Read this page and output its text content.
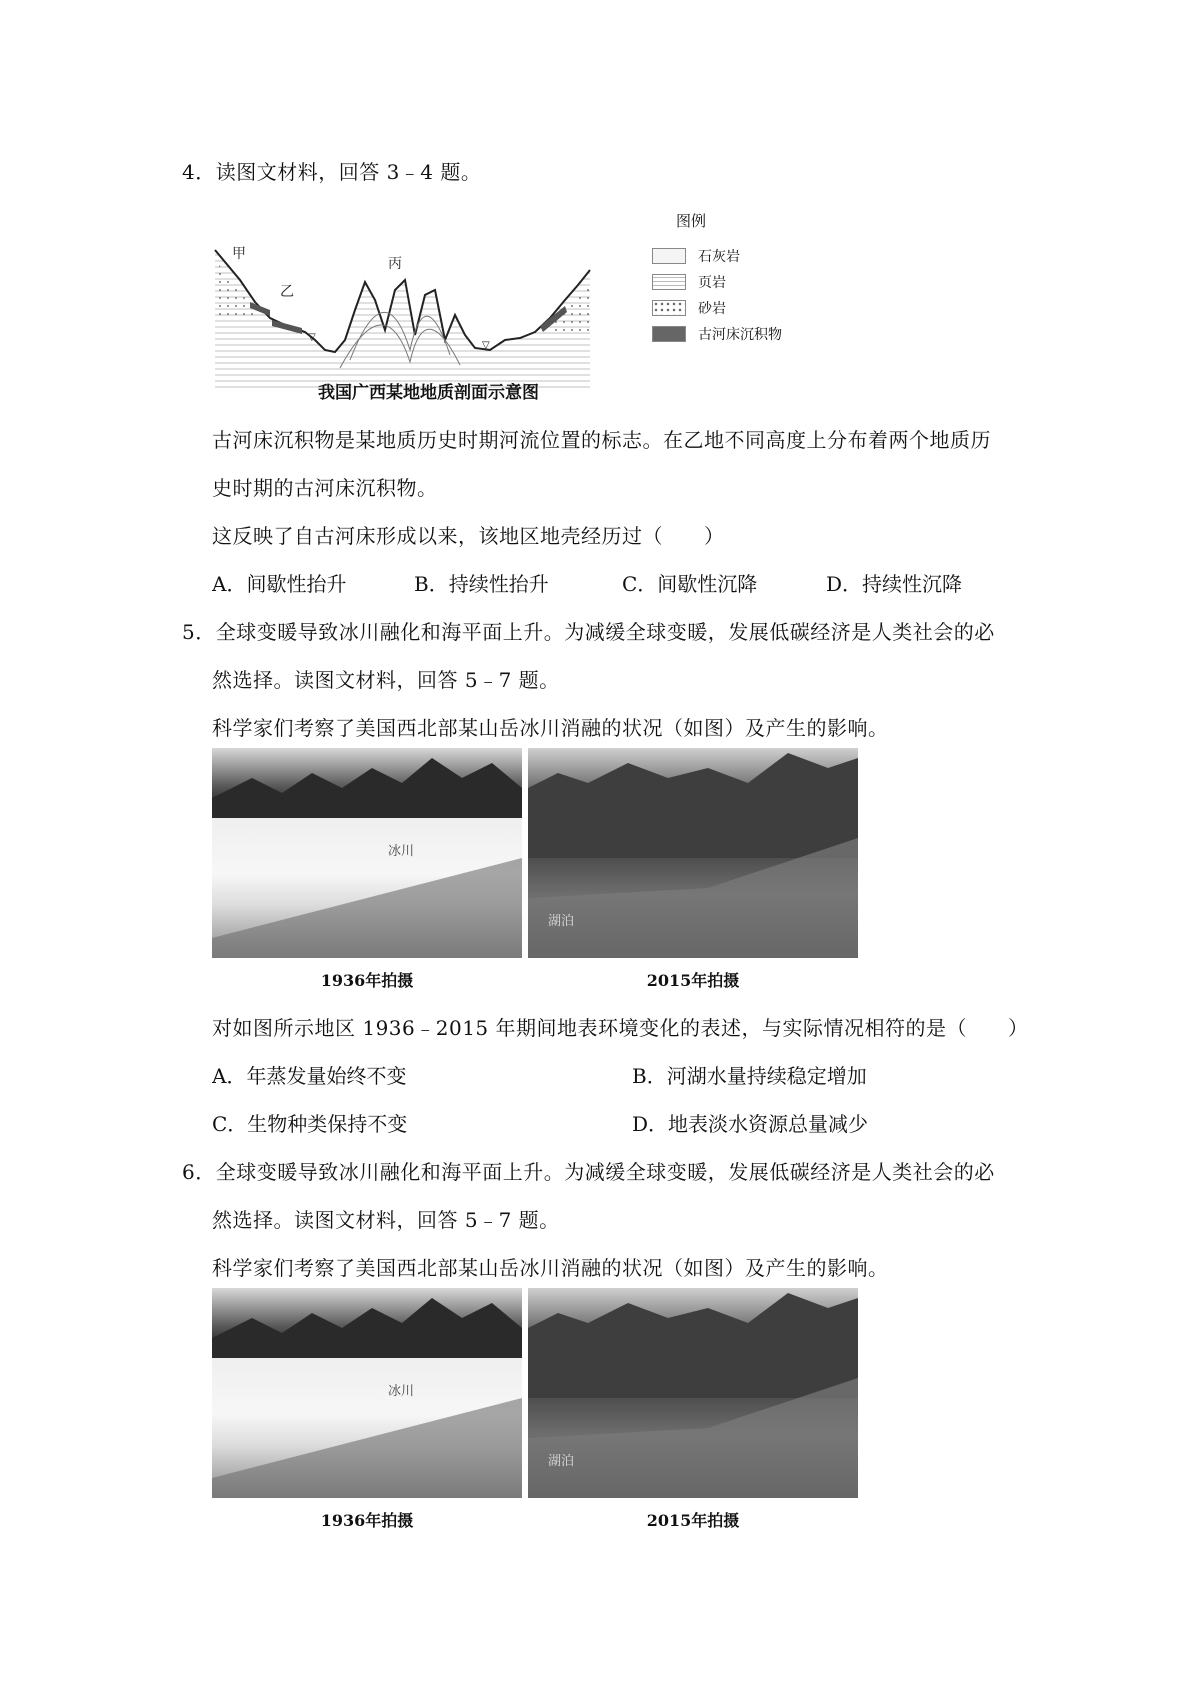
4．读图文材料，回答 3﹣4 题。
▽
▽
甲
乙
丙
图例
石灰岩
页岩
砂岩
古河床沉积物
我国广西某地地质剖面示意图
古河床沉积物是某地质历史时期河流位置的标志。在乙地不同高度上分布着两个地质历
史时期的古河床沉积物。
这反映了自古河床形成以来，该地区地壳经历过（　　）
A．间歇性抬升	B．持续性抬升	C．间歇性沉降	D．持续性沉降
5．全球变暖导致冰川融化和海平面上升。为减缓全球变暖，发展低碳经济是人类社会的必
然选择。读图文材料，回答 5﹣7 题。
科学家们考察了美国西北部某山岳冰川消融的状况（如图）及产生的影响。
冰川
湖泊
1936年拍摄	2015年拍摄
对如图所示地区 1936﹣2015 年期间地表环境变化的表述，与实际情况相符的是（　　）
A．年蒸发量始终不变	B．河湖水量持续稳定增加
C．生物种类保持不变	D．地表淡水资源总量减少
6．全球变暖导致冰川融化和海平面上升。为减缓全球变暖，发展低碳经济是人类社会的必
然选择。读图文材料，回答 5﹣7 题。
科学家们考察了美国西北部某山岳冰川消融的状况（如图）及产生的影响。
冰川
湖泊
1936年拍摄	2015年拍摄
